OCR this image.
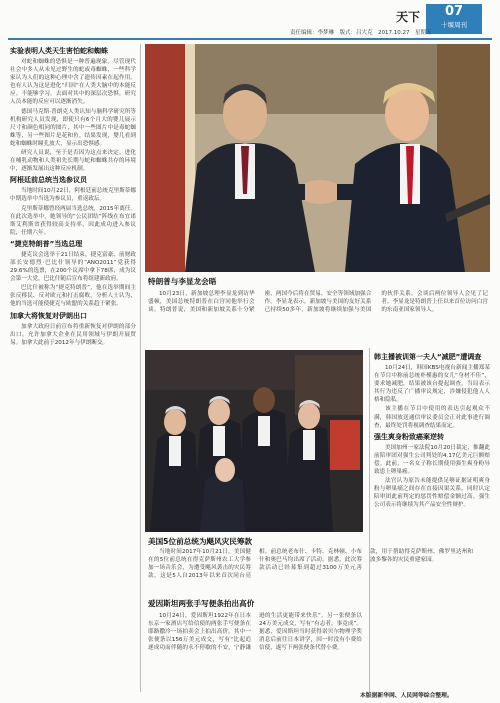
天下	07
十堰周刊
责任编辑：李梦琳　版式：吕大克　2017.10.27　星期五
实验表明人类天生害怕蛇和蜘蛛

对蛇和蜘蛛的恐惧是一种普遍现象。尽管现代社会中多人从未见过野生的蛇或毒蜘蛛，一些科学家认为人们的这种心理中含了遗传因素在起作用。也有人认为这是进化“归因”在人类大脑中的本能反应。不能够学习。去面对其中的深层次恐惧。研究人员本能的反应可以逐渐消失。

德国马克斯·普朗克人类认知与脑科学研究所等机构研究人员发现，即使只有6个月大的婴儿展示尺寸和颜色相同的图片，其中一些图片中是毒蛇蜘蛛等，另一些图片是花和鱼。结果发现，婴儿看到蛇和蜘蛛时瞳孔放大，显示出恐惧感。

研究人员说，至于是否因为这点来决定。进化在哺乳动物和人类祖先长期与蛇和蜘蛛共存的环境中，逐渐发展出这种反应机制。

阿根廷前总统当选参议员

当地时间10月22日，阿根廷前总统克里斯蒂娜中期选举中当选为参议员，重返政坛。

克里斯蒂娜曾经两届当选总统，2015年离任。在此次选举中，她领导的“公民团结”阵线在布宜诺斯艾利斯省获得较高支持率，因此成功进入参议院，任期六年。

“捷克特朗普”当选总理

捷克议会选举于21日结束，捷克富豪、前财政部长安德烈·巴比什领导的“ANO2011”党获得29.6%的选票，在200个议席中拿下78席，成为议会第一大党。巴比什随后宣布将组建新政府。

巴比什被称为“捷克特朗普”，他在选举期间主张反移民、反对欧元和打击腐败。分析人士认为，他的当选可能使捷克与欧盟的关系趋于紧张。

加拿大将恢复对伊朗出口

加拿大政府日前宣布将重新恢复对伊朗的部分出口，允许加拿大企业在民用领域与伊朗开展贸易。加拿大此前于2012年与伊朗断交。

特朗普与李显龙会晤

10月23日，新加坡总理李显龙到访华盛顿，美国总统特朗普在白宫同他举行会谈。特朗普说，美国和新加坡关系十分紧密，两国今后将在贸易、安全等领域加强合作。李显龙表示，新加坡与美国的友好关系已持续50多年，新加坡将继续加强与美国的伙伴关系。会谈后两位领导人会见了记者。李显龙是特朗普上任以来首位访问白宫的东南亚国家领导人。

美国5位前总统为飓风灾民筹款

当地时间2017年10月21日，美国健在的5位前总统在得克萨斯州农工大学参加一场音乐会，为遭受飓风袭击的灾民筹款。这是5人自2013年以来首次同台亮相。前总统老布什、卡特、克林顿、小布什和奥巴马均出席了活动。据悉，此次筹款活动已经募集到超过3100万美元善款，用于帮助得克萨斯州、佛罗里达州和波多黎各的灾民重建家园。

爱因斯坦两张手写便条拍出高价

10月24日，爱因斯坦1922年在日本东京一家酒店写给信使的两张手写便条在耶路撒冷一场拍卖会上拍出高价。其中一张便条以156万美元成交，写有“比起追逐成功而伴随的永不停歇的不安，宁静谦逊的生活更能带来快乐”。另一张便条以24万美元成交，写有“有志者，事竟成”。据悉，爱因斯坦当时获得诺贝尔物理学奖消息后前往日本讲学，因一时没有小费给信使，遂写下两张便条代替小费。

韩主播被训第一夫人“减肥”遭调查

10月24日，韩国KBS电视台新闻主播郑某在节目中称前总统朴槿惠的女儿“身材不佳”，要求她减肥，结果被该台提起调查。当局表示其行为违反了广播审议规定，涉嫌侵犯他人人格和隐私。

该主播在节目中使用的表达引起观众不满，韩国放送通信审议委员会正对此事进行调查，最终处罚将视调查结果而定。

强生爽身粉致癌案逆转

美国加州一家法院10月20日裁定，推翻此前陪审团对强生公司判处的4.17亿美元巨额赔偿。此前，一名女子称长期使用强生爽身粉导致患上卵巢癌。

法官认为原告未能提供足够证据证明爽身粉与卵巢癌之间存在直接因果关系，同时认定陪审团此前判定的惩罚性赔偿金额过高。强生公司表示将继续为其产品安全性辩护。

本版据新华网、人民网等综合整理。
